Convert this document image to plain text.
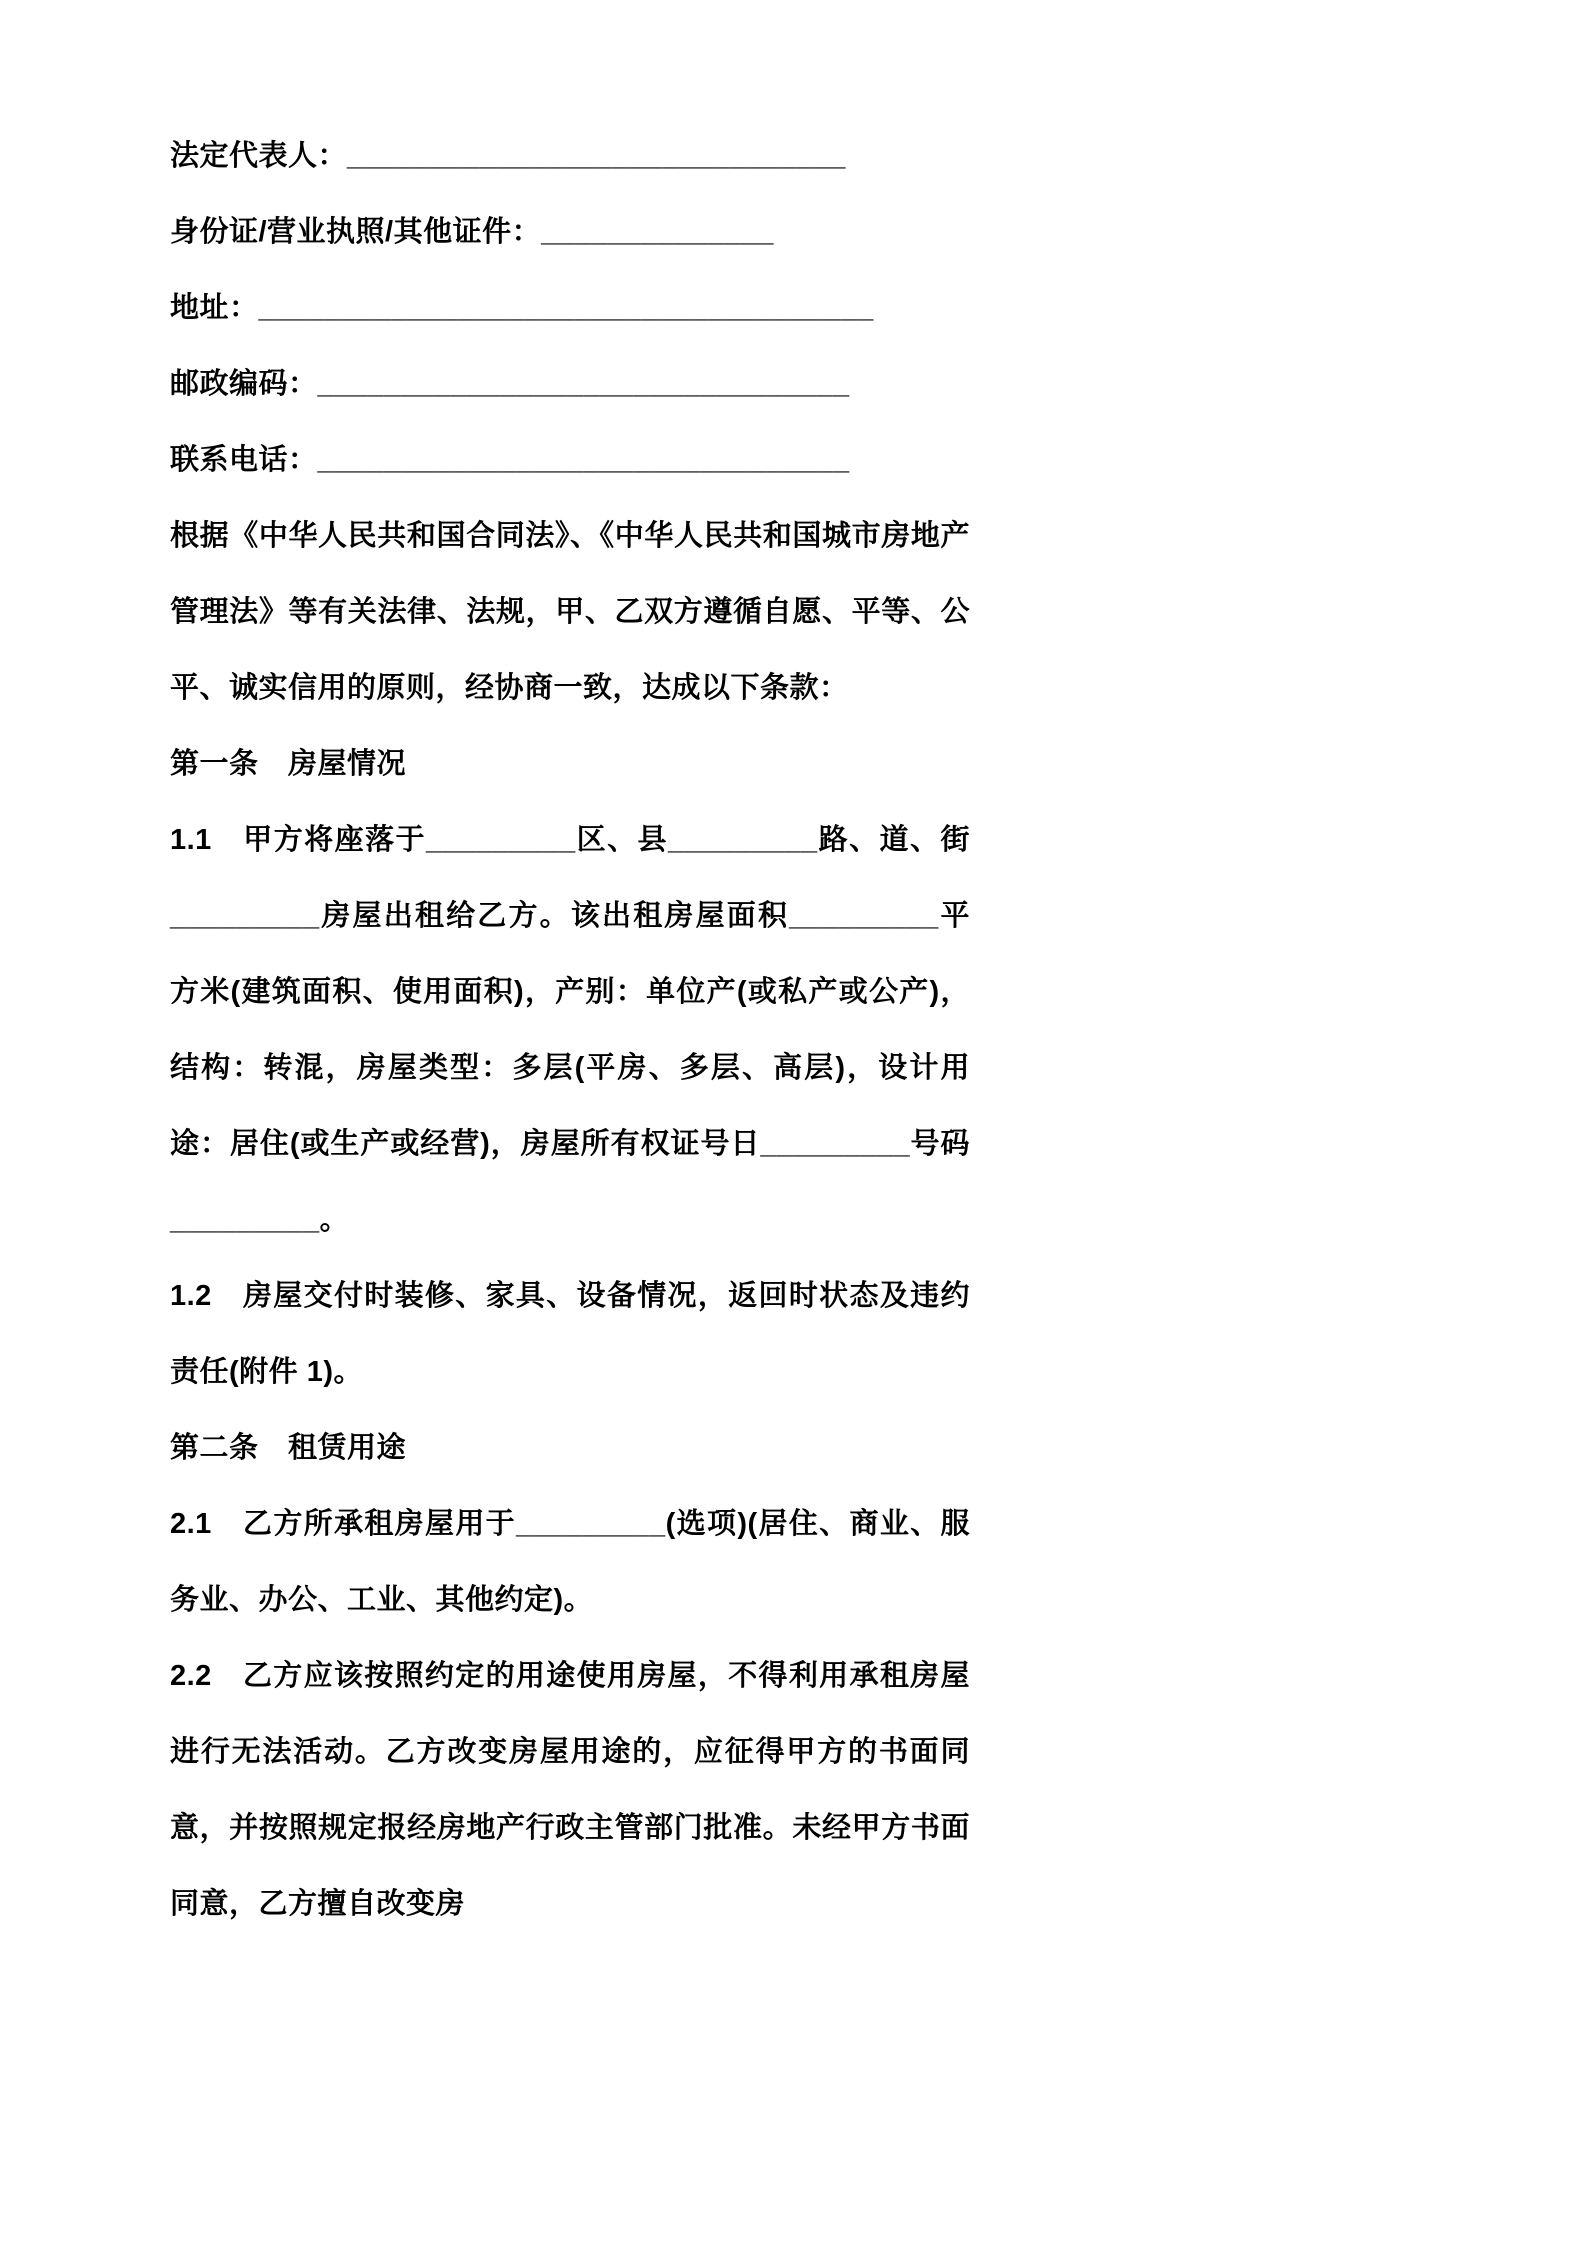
法定代表人：______________________________

身份证/营业执照/其他证件：______________

地址：_____________________________________

邮政编码：________________________________

联系电话：________________________________

根据《中华人民共和国合同法》、《中华人民共和国城市房地产管理法》等有关法律、法规，甲、乙双方遵循自愿、平等、公平、诚实信用的原则，经协商一致，达成以下条款：

第一条　房屋情况

1.1　甲方将座落于_________区、县_________路、道、街_________房屋出租给乙方。该出租房屋面积_________平方米(建筑面积、使用面积)，产别：单位产(或私产或公产)，结构：转混，房屋类型：多层(平房、多层、高层)，设计用途：居住(或生产或经营)，房屋所有权证号日_________号码_________。

1.2　房屋交付时装修、家具、设备情况，返回时状态及违约责任(附件 1)。

第二条　租赁用途

2.1　乙方所承租房屋用于_________(选项)(居住、商业、服务业、办公、工业、其他约定)。

2.2　乙方应该按照约定的用途使用房屋，不得利用承租房屋进行无法活动。乙方改变房屋用途的，应征得甲方的书面同意，并按照规定报经房地产行政主管部门批准。未经甲方书面同意，乙方擅自改变房
